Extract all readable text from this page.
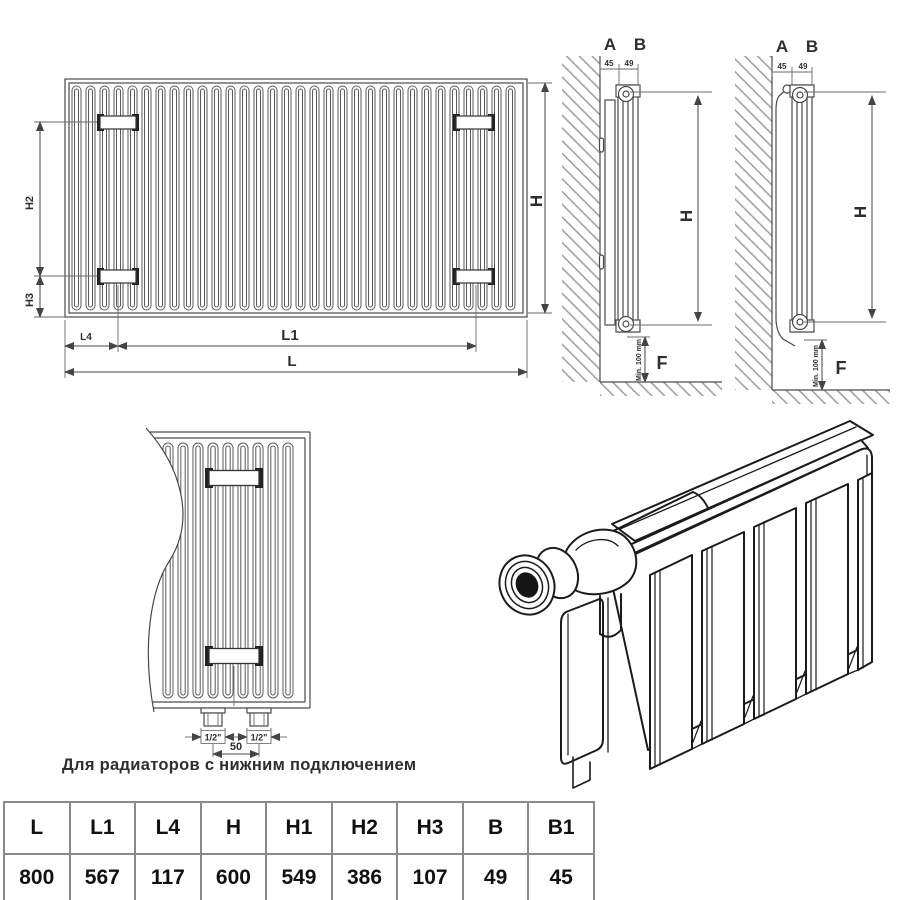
H2
H3
H
L4	L1
L
45 49
A B
H
Min. 100 mm F
45 49
A B
H
Min. 100 mm F
1/2"	1/2"
50
Для радиаторов с нижним подключением
L	L1	L4	H	H1	H2	H3	B	B1
800	567	117	600	549	386	107	49	45
